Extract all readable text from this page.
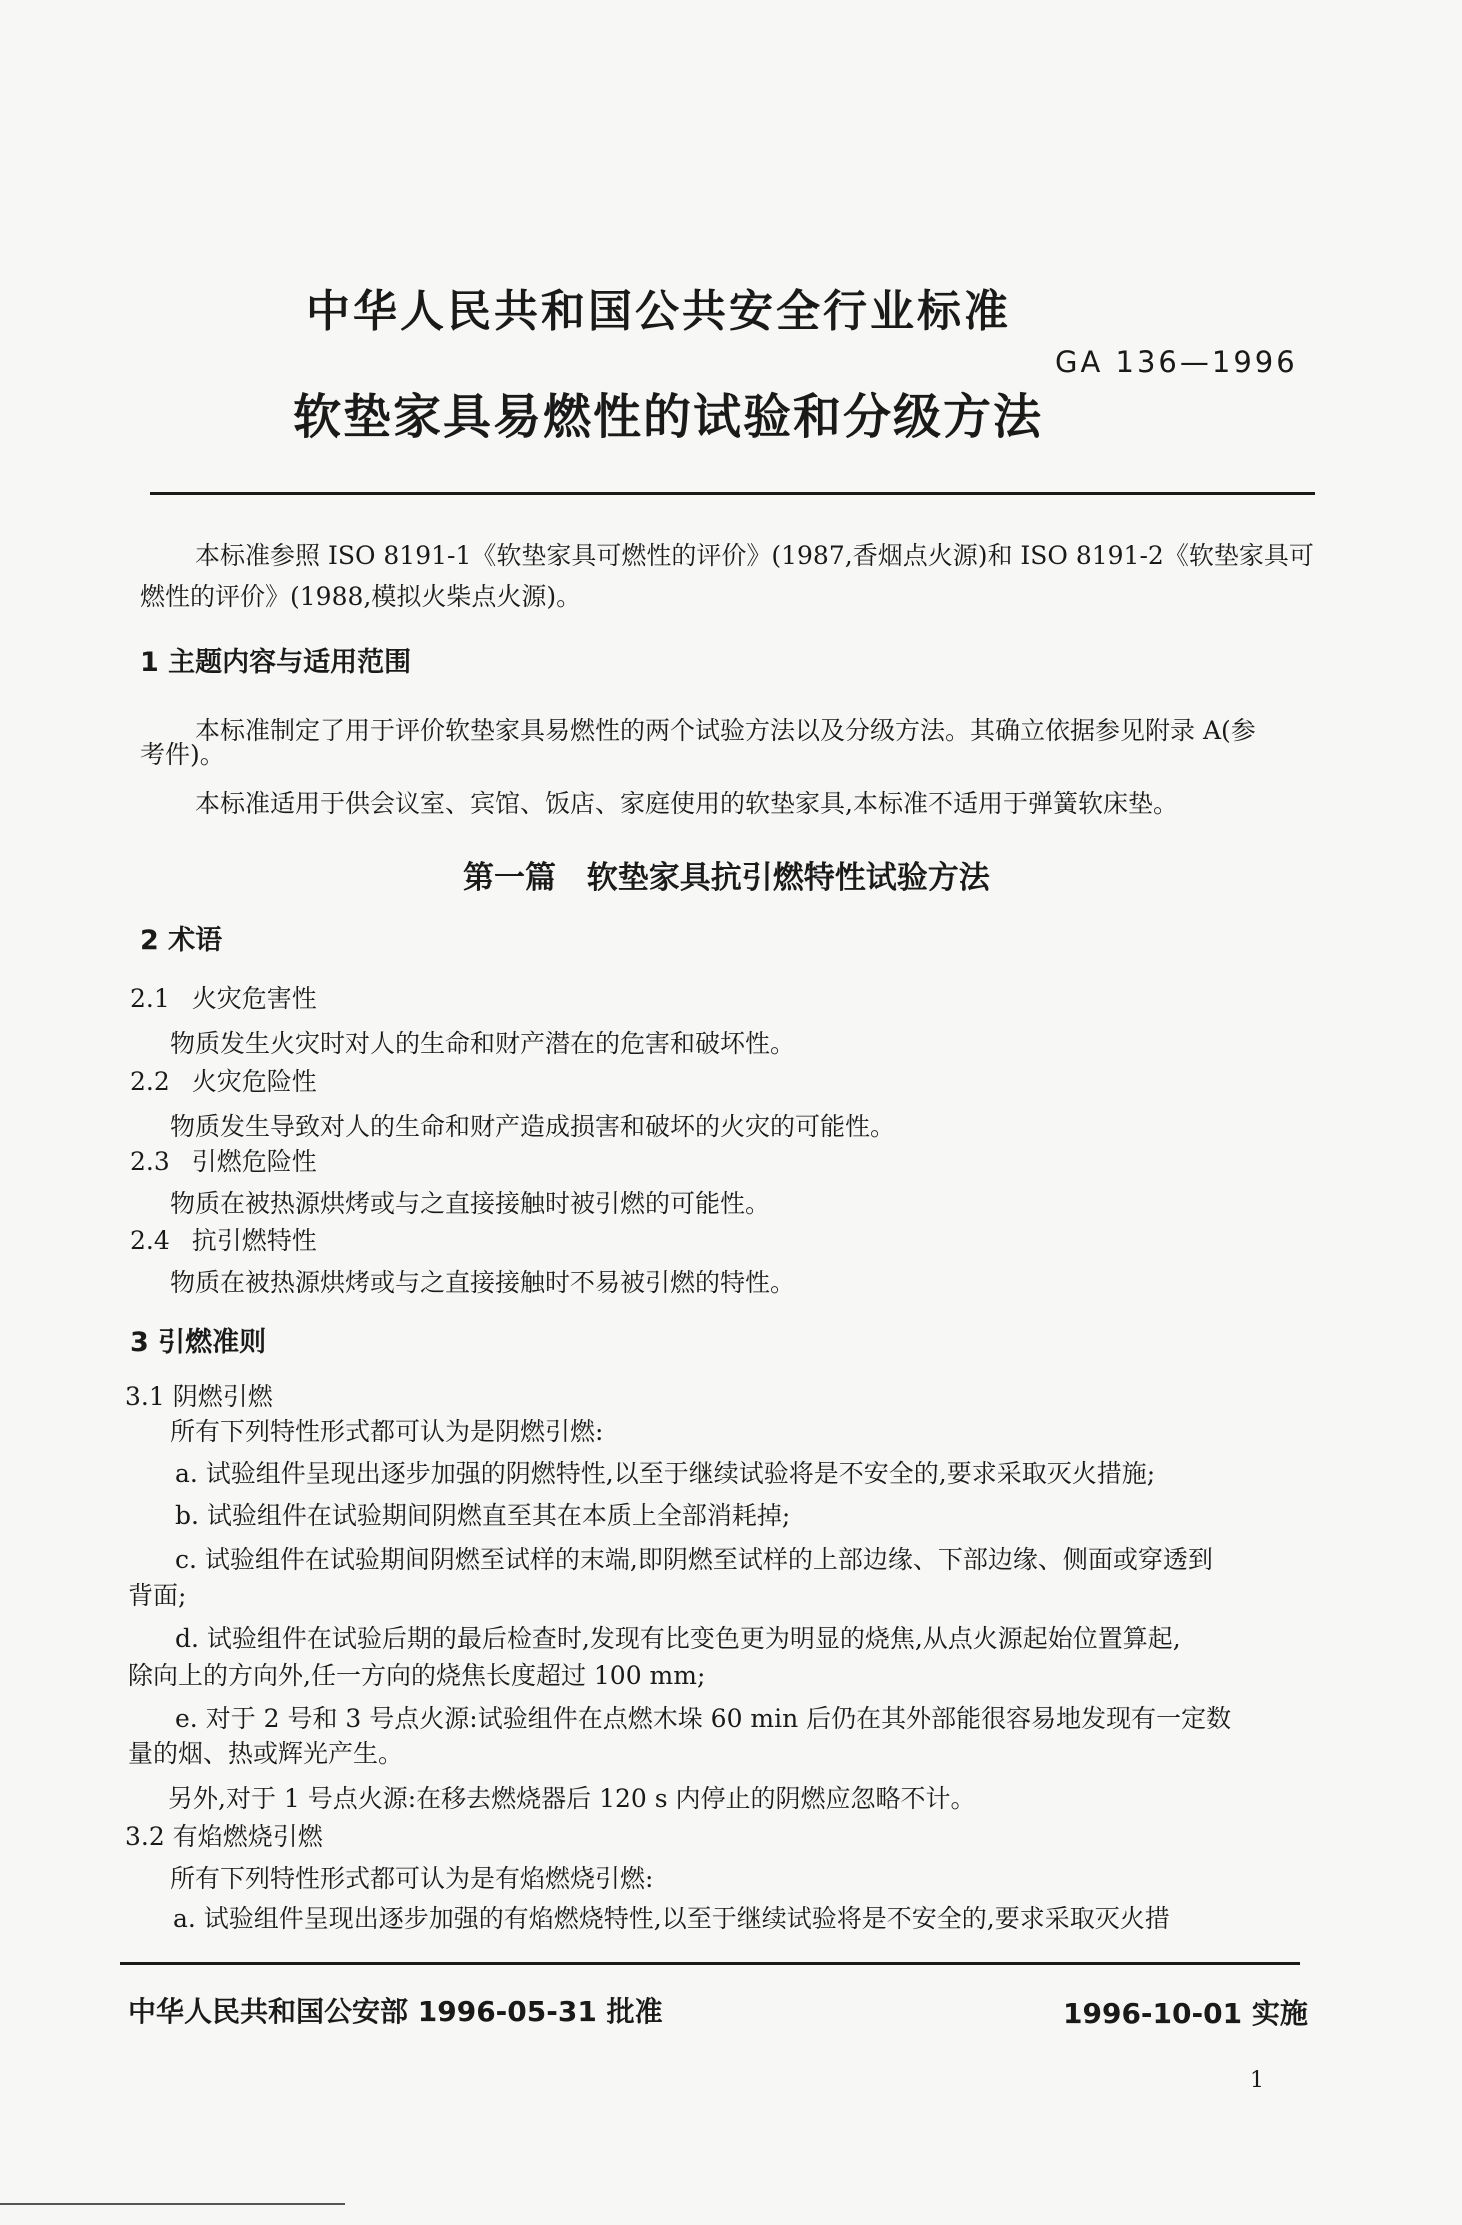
中华人民共和国公共安全行业标准
GA 136—1996
软垫家具易燃性的试验和分级方法
本标准参照 ISO 8191-1《软垫家具可燃性的评价》(1987,香烟点火源)和 ISO 8191-2《软垫家具可
燃性的评价》(1988,模拟火柴点火源)。
1 主题内容与适用范围
本标准制定了用于评价软垫家具易燃性的两个试验方法以及分级方法。其确立依据参见附录 A(参
考件)。
本标准适用于供会议室、宾馆、饭店、家庭使用的软垫家具,本标准不适用于弹簧软床垫。
第一篇 软垫家具抗引燃特性试验方法
2 术语
2.1 火灾危害性
物质发生火灾时对人的生命和财产潜在的危害和破坏性。
2.2 火灾危险性
物质发生导致对人的生命和财产造成损害和破坏的火灾的可能性。
2.3 引燃危险性
物质在被热源烘烤或与之直接接触时被引燃的可能性。
2.4 抗引燃特性
物质在被热源烘烤或与之直接接触时不易被引燃的特性。
3 引燃准则
3.1 阴燃引燃
所有下列特性形式都可认为是阴燃引燃:
a. 试验组件呈现出逐步加强的阴燃特性,以至于继续试验将是不安全的,要求采取灭火措施;
b. 试验组件在试验期间阴燃直至其在本质上全部消耗掉;
c. 试验组件在试验期间阴燃至试样的末端,即阴燃至试样的上部边缘、下部边缘、侧面或穿透到
背面;
d. 试验组件在试验后期的最后检查时,发现有比变色更为明显的烧焦,从点火源起始位置算起,
除向上的方向外,任一方向的烧焦长度超过 100 mm;
e. 对于 2 号和 3 号点火源:试验组件在点燃木垛 60 min 后仍在其外部能很容易地发现有一定数
量的烟、热或辉光产生。
另外,对于 1 号点火源:在移去燃烧器后 120 s 内停止的阴燃应忽略不计。
3.2 有焰燃烧引燃
所有下列特性形式都可认为是有焰燃烧引燃:
a. 试验组件呈现出逐步加强的有焰燃烧特性,以至于继续试验将是不安全的,要求采取灭火措
中华人民共和国公安部 1996-05-31 批准	1996-10-01 实施
1
